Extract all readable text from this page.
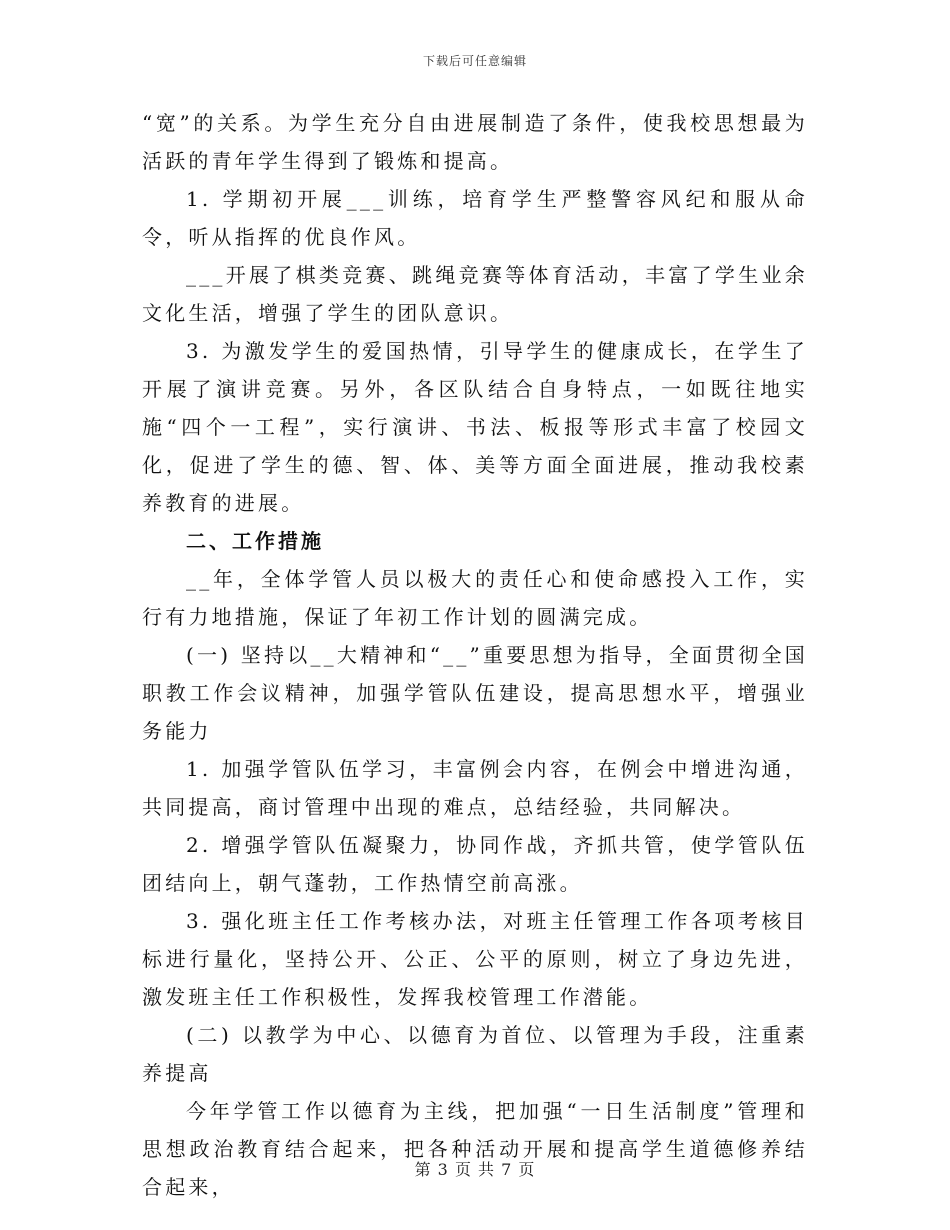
下载后可任意编辑

“宽”的关系。为学生充分自由进展制造了条件，使我校思想最为活跃的青年学生得到了锻炼和提高。

1. 学期初开展___训练，培育学生严整警容风纪和服从命令，听从指挥的优良作风。

___开展了棋类竞赛、跳绳竞赛等体育活动，丰富了学生业余文化生活，增强了学生的团队意识。

3. 为激发学生的爱国热情，引导学生的健康成长，在学生了开展了演讲竞赛。另外，各区队结合自身特点，一如既往地实施“四个一工程”，实行演讲、书法、板报等形式丰富了校园文化，促进了学生的德、智、体、美等方面全面进展，推动我校素养教育的进展。

二、工作措施

__年，全体学管人员以极大的责任心和使命感投入工作，实行有力地措施，保证了年初工作计划的圆满完成。

(一) 坚持以__大精神和“__”重要思想为指导，全面贯彻全国职教工作会议精神，加强学管队伍建设，提高思想水平，增强业务能力

1. 加强学管队伍学习，丰富例会内容，在例会中增进沟通，共同提高，商讨管理中出现的难点，总结经验，共同解决。

2. 增强学管队伍凝聚力，协同作战，齐抓共管，使学管队伍团结向上，朝气蓬勃，工作热情空前高涨。

3. 强化班主任工作考核办法，对班主任管理工作各项考核目标进行量化，坚持公开、公正、公平的原则，树立了身边先进，激发班主任工作积极性，发挥我校管理工作潜能。

(二) 以教学为中心、以德育为首位、以管理为手段，注重素养提高

今年学管工作以德育为主线，把加强“一日生活制度”管理和思想政治教育结合起来，把各种活动开展和提高学生道德修养结合起来，

第 3 页 共 7 页
